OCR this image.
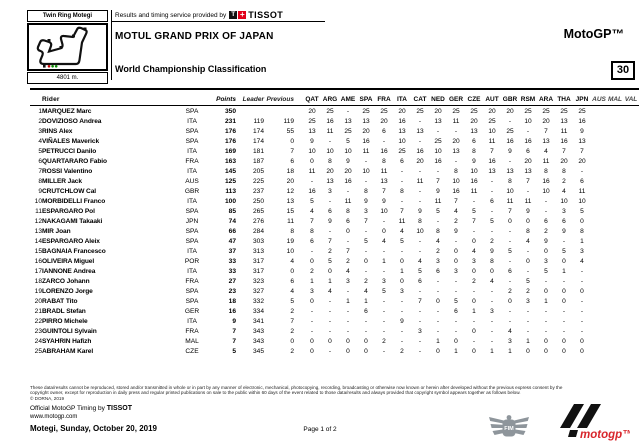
Twin Ring Motegi
4801 m.
Results and timing service provided by T + TISSOT
MOTUL GRAND PRIX OF JAPAN
World Championship Classification
MotoGP™
30
	Rider		Points	Leader	Previous		QAT	ARG	AME	SPA	FRA	ITA	CAT	NED	GER	CZE	AUT	GBR	RSM	ARA	THA	JPN	AUS	MAL	VAL
1	MARQUEZ Marc	SPA	350				20	25	-	25	25	20	25	20	25	25	20	20	25	25	25	25			
2	DOVIZIOSO Andrea	ITA	231	119	119		25	16	13	13	20	16	-	13	11	20	25	-	10	20	13	16			
3	RINS Alex	SPA	176	174	55		13	11	25	20	6	13	13	-	-	13	10	25	-	7	11	9			
4	VIÑALES Maverick	SPA	176	174	0		9	-	5	16	-	10	-	25	20	6	11	16	16	13	16	13			
5	PETRUCCI Danilo	ITA	169	181	7		10	10	10	11	16	25	16	10	13	8	7	9	6	4	7	7			
6	QUARTARARO Fabio	FRA	163	187	6		0	8	9	-	8	6	20	16	-	9	16	-	20	11	20	20			
7	ROSSI Valentino	ITA	145	205	18		11	20	20	10	11	-	-	-	8	10	13	13	13	8	8	-			
8	MILLER Jack	AUS	125	225	20		-	13	16	-	13	-	11	7	10	16	-	8	7	16	2	6			
9	CRUTCHLOW Cal	GBR	113	237	12		16	3	-	8	7	8	-	9	16	11	-	10	-	10	4	11			
10	MORBIDELLI Franco	ITA	100	250	13		5	-	11	9	9	-	-	11	7	-	6	11	11	-	10	10			
11	ESPARGARO Pol	SPA	85	265	15		4	6	8	3	10	7	9	5	4	5	-	7	9	-	3	5			
12	NAKAGAMI Takaaki	JPN	74	276	11		7	9	6	7	-	11	8	-	2	7	5	0	0	6	6	0			
13	MIR Joan	SPA	66	284	8		8	-	0	-	0	4	10	8	9	-	-	-	8	2	9	8			
14	ESPARGARO Aleix	SPA	47	303	19		6	7	-	5	4	5	-	4	-	0	2	-	4	9	-	1			
15	BAGNAIA Francesco	ITA	37	313	10		-	2	7	-	-	-	-	2	0	4	9	5	-	0	5	3			
16	OLIVEIRA Miguel	POR	33	317	4		0	5	2	0	1	0	4	3	0	3	8	-	0	3	0	4			
17	IANNONE Andrea	ITA	33	317	0		2	0	4	-	-	1	5	6	3	0	0	6	-	5	1	-			
18	ZARCO Johann	FRA	27	323	6		1	1	3	2	3	0	6	-	-	2	4	-	5	-	-	-			
19	LORENZO Jorge	SPA	23	327	4		3	4	-	4	5	3	-	-	-	-	-	2	2	0	0	0			
20	RABAT Tito	SPA	18	332	5		0	-	1	1	-	-	7	0	5	0	-	0	3	1	0	-			
21	BRADL Stefan	GER	16	334	2		-	-	-	6	-	-	-	-	6	1	3	-	-	-	-	-			
22	PIRRO Michele	ITA	9	341	7		-	-	-	-	-	9	-	-	-	-	-	-	-	-	-	-			
23	GUINTOLI Sylvain	FRA	7	343	2		-	-	-	-	-	-	3	-	-	0	-	4	-	-	-	-			
24	SYAHRIN Hafizh	MAL	7	343	0		0	0	0	0	2	-	-	1	0	-	-	3	1	0	0	0			
25	ABRAHAM Karel	CZE	5	345	2		0	-	0	0	-	2	-	0	1	0	1	1	0	0	0	0			
These data/results cannot be reproduced, stored and/or transmitted in whole or in part by any manner of electronic, mechanical, photocopying, recording, broadcasting or otherwise now known or herein after developed without the previous express consent by the
copyright owner, except for reproduction in daily press and regular printed publications on sale to the public within 60 days of the event related to those data/results and always provided that copyright symbol appears together as follows below.
© DORNA, 2019
Official MotoGP Timing by TISSOT
www.motogp.com
Motegi, Sunday, October 20, 2019	Page 1 of 2	FIM	motogp™
